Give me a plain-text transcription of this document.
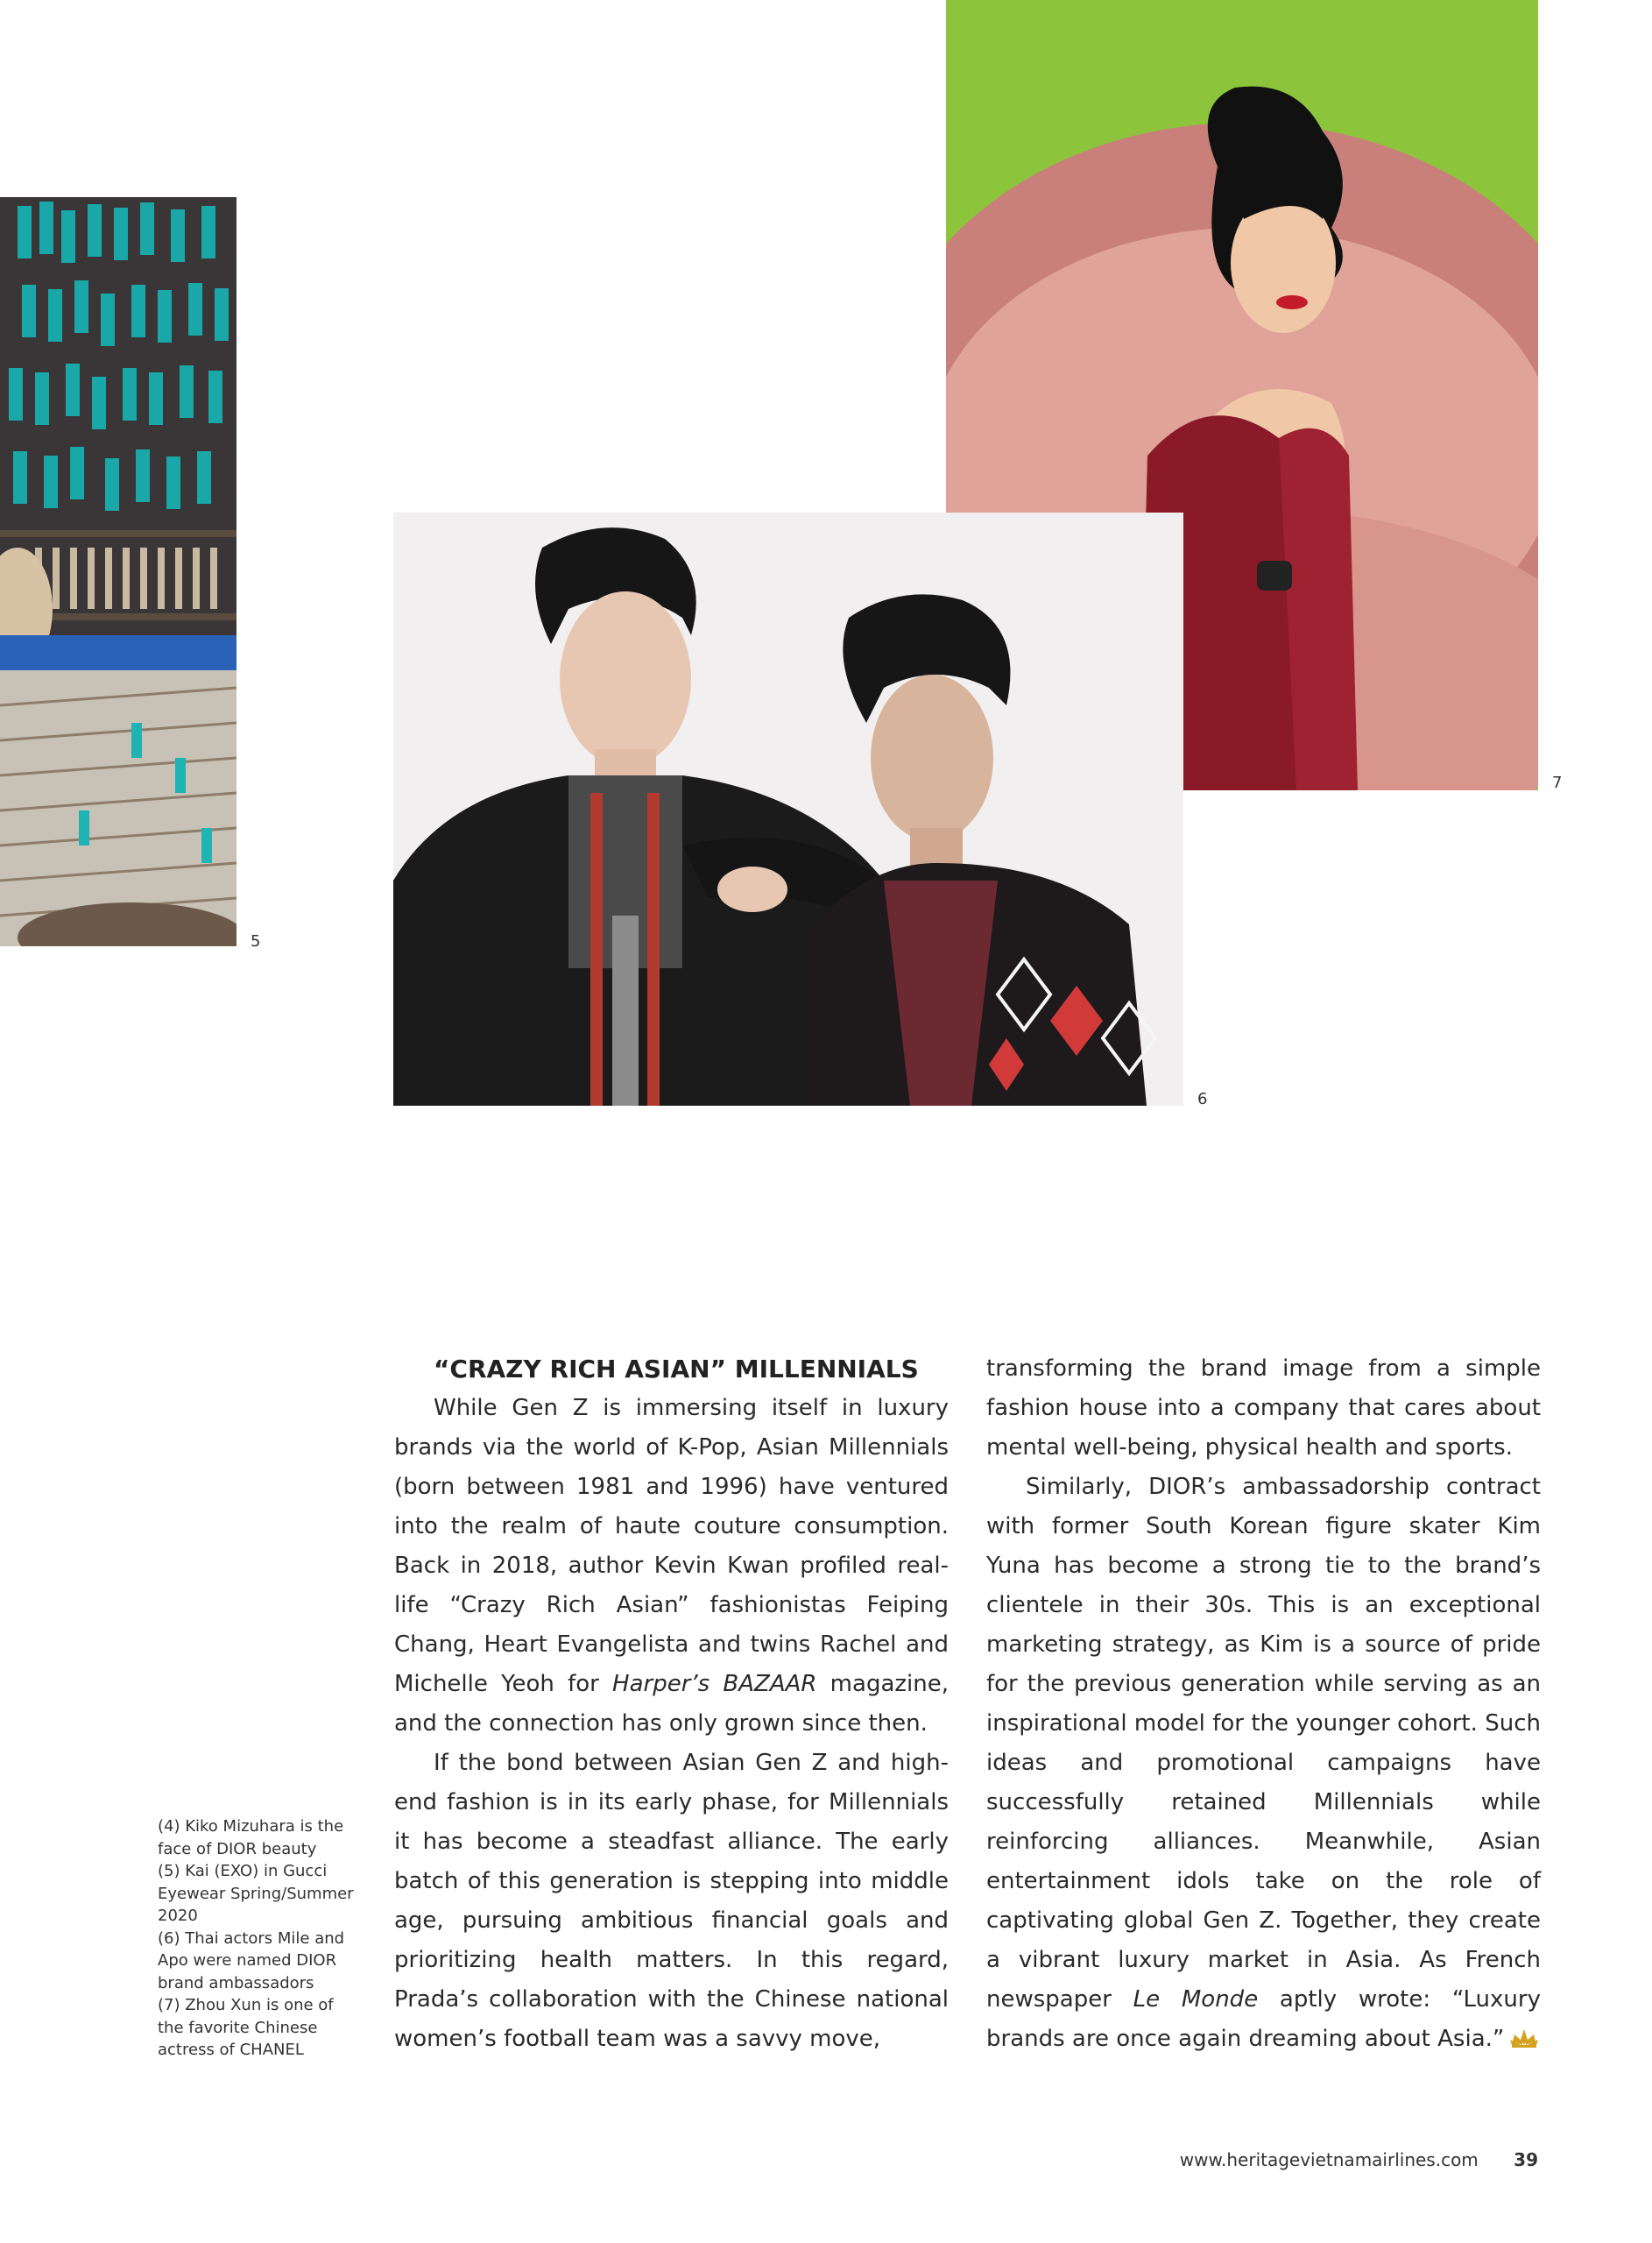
5
7
6
(4) Kiko Mizuhara is the face of DIOR beauty
(5) Kai (EXO) in Gucci Eyewear Spring/Summer 2020
(6) Thai actors Mile and Apo were named DIOR brand ambassadors
(7) Zhou Xun is one of the favorite Chinese actress of CHANEL
“CRAZY RICH ASIAN” MILLENNIALS

While Gen Z is immersing itself in luxury brands via the world of K-Pop, Asian Millennials (born between 1981 and 1996) have ventured into the realm of haute couture consumption. Back in 2018, author Kevin Kwan profiled real-life “Crazy Rich Asian” fashionistas Feiping Chang, Heart Evangelista and twins Rachel and Michelle Yeoh for Harper’s BAZAAR magazine, and the connection has only grown since then.

If the bond between Asian Gen Z and high-end fashion is in its early phase, for Millennials it has become a steadfast alliance. The early batch of this generation is stepping into middle age, pursuing ambitious financial goals and prioritizing health matters. In this regard, Prada’s collaboration with the Chinese national women’s football team was a savvy move,

transforming the brand image from a simple fashion house into a company that cares about mental well-being, physical health and sports.

Similarly, DIOR’s ambassadorship contract with former South Korean figure skater Kim Yuna has become a strong tie to the brand’s clientele in their 30s. This is an exceptional marketing strategy, as Kim is a source of pride for the previous generation while serving as an inspirational model for the younger cohort. Such ideas and promotional campaigns have successfully retained Millennials while reinforcing alliances. Meanwhile, Asian entertainment idols take on the role of captivating global Gen Z. Together, they create a vibrant luxury market in Asia. As French newspaper Le Monde aptly wrote: “Luxury brands are once again dreaming about Asia.”

www.heritagevietnamairlines.com 39
